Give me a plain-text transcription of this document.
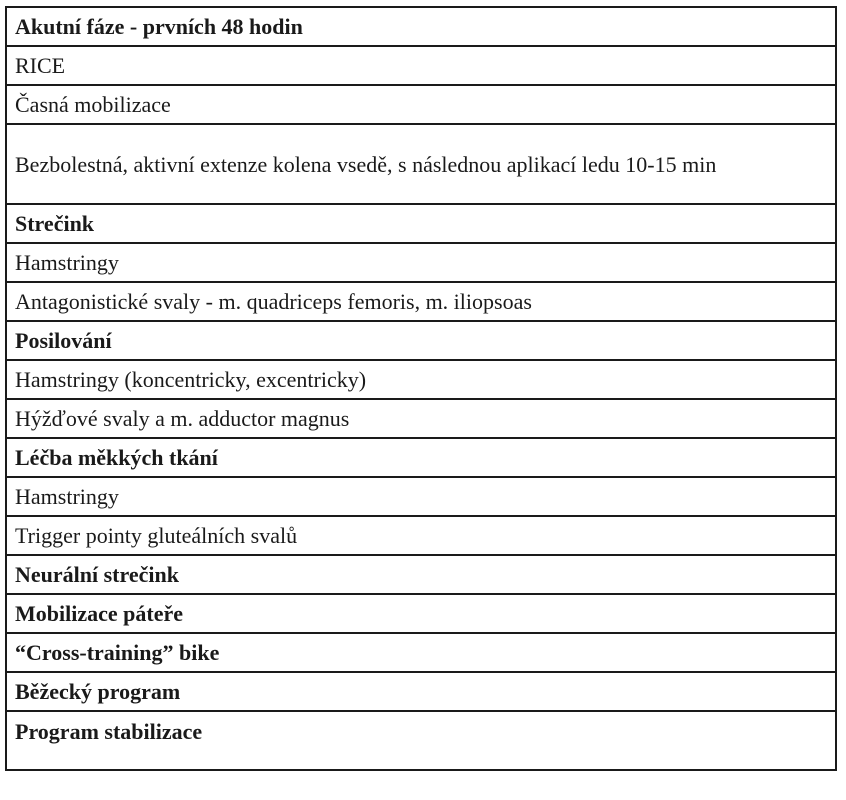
Akutní fáze - prvních 48 hodin
RICE
Časná mobilizace
Bezbolestná, aktivní extenze kolena vsedě, s následnou aplikací ledu 10-15 min
Strečink
Hamstringy
Antagonistické svaly - m. quadriceps femoris, m. iliopsoas
Posilování
Hamstringy (koncentricky, excentricky)
Hýžďové svaly a m. adductor magnus
Léčba měkkých tkání
Hamstringy
Trigger pointy gluteálních svalů
Neurální strečink
Mobilizace páteře
“Cross-training” bike
Běžecký program
Program stabilizace
